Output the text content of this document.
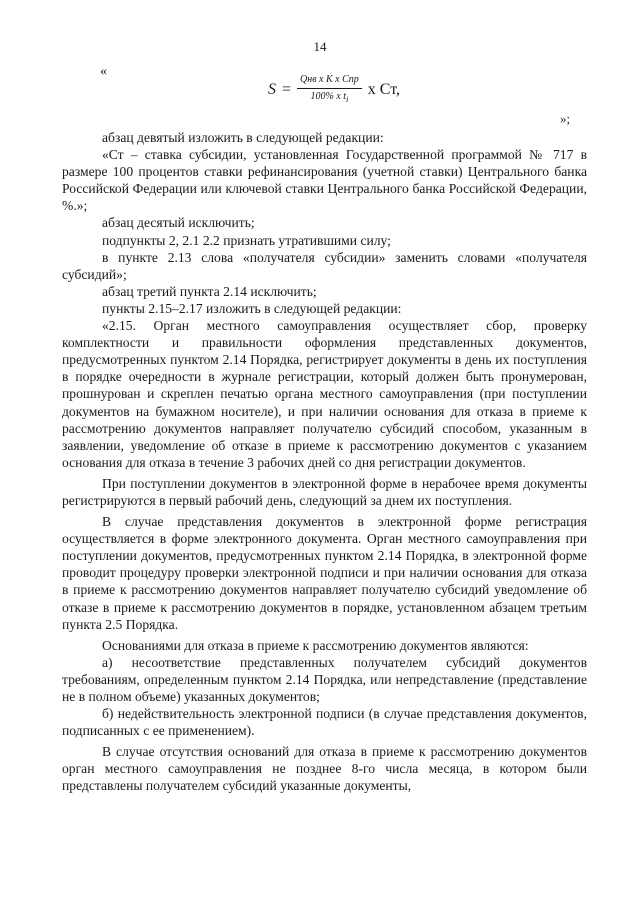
14
«
$S = \frac{\text{Qнв x K x Cпр}}{100\% x t_i}$ x Ст,
»;

абзац девятый изложить в следующей редакции:

«Ст – ставка субсидии, установленная Государственной программой № 717 в размере 100 процентов ставки рефинансирования (учетной ставки) Центрального банка Российской Федерации или ключевой ставки Центрального банка Российской Федерации, %.»;

абзац десятый исключить;

подпункты 2, 2.1 2.2 признать утратившими силу;

в пункте 2.13 слова «получателя субсидии» заменить словами «получателя субсидий»;

абзац третий пункта 2.14 исключить;

пункты 2.15–2.17 изложить в следующей редакции:

«2.15. Орган местного самоуправления осуществляет сбор, проверку комплектности и правильности оформления представленных документов, предусмотренных пунктом 2.14 Порядка, регистрирует документы в день их поступления в порядке очередности в журнале регистрации, который должен быть пронумерован, прошнурован и скреплен печатью органа местного самоуправления (при поступлении документов на бумажном носителе), и при наличии основания для отказа в приеме к рассмотрению документов направляет получателю субсидий способом, указанным в заявлении, уведомление об отказе в приеме к рассмотрению документов с указанием основания для отказа в течение 3 рабочих дней со дня регистрации документов.

При поступлении документов в электронной форме в нерабочее время документы регистрируются в первый рабочий день, следующий за днем их поступления.

В случае представления документов в электронной форме регистрация осуществляется в форме электронного документа. Орган местного самоуправления при поступлении документов, предусмотренных пунктом 2.14 Порядка, в электронной форме проводит процедуру проверки электронной подписи и при наличии основания для отказа в приеме к рассмотрению документов направляет получателю субсидий уведомление об отказе в приеме к рассмотрению документов в порядке, установленном абзацем третьим пункта 2.5 Порядка.

Основаниями для отказа в приеме к рассмотрению документов являются:

а) несоответствие представленных получателем субсидий документов требованиям, определенным пунктом 2.14 Порядка, или непредставление (представление не в полном объеме) указанных документов;

б) недействительность электронной подписи (в случае представления документов, подписанных с ее применением).

В случае отсутствия оснований для отказа в приеме к рассмотрению документов орган местного самоуправления не позднее 8-го числа месяца, в котором были представлены получателем субсидий указанные документы,
